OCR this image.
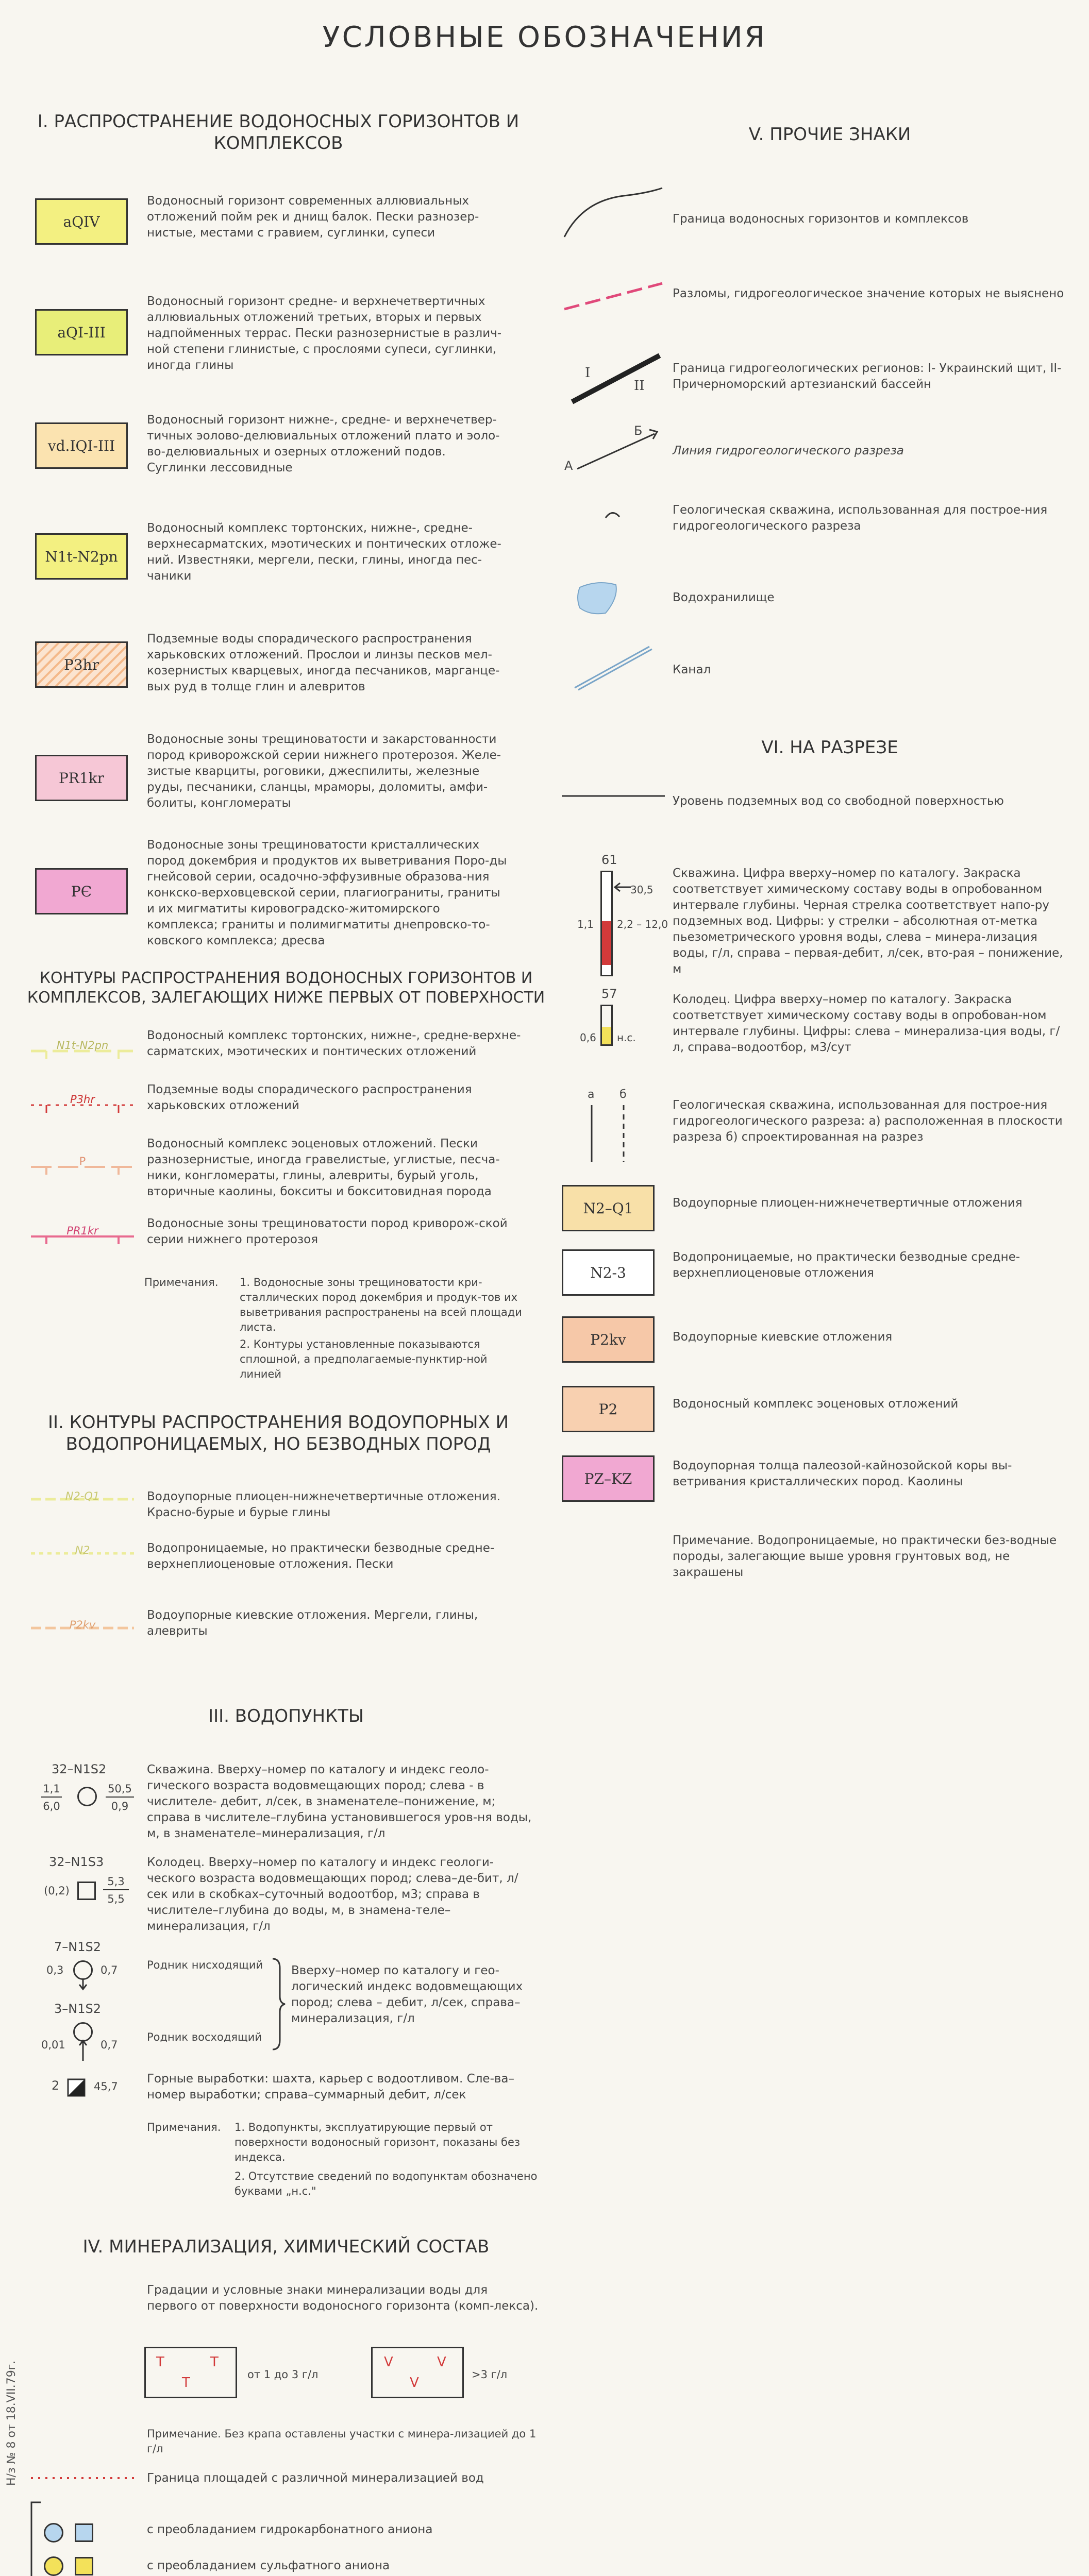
УСЛОВНЫЕ ОБОЗНАЧЕНИЯ
I. РАСПРОСТРАНЕНИЕ ВОДОНОСНЫХ ГОРИЗОНТОВ И КОМПЛЕКСОВ
aQIV
Водоносный горизонт современных аллювиальных отложений пойм рек и днищ балок. Пески разнозер-нистые, местами с гравием, суглинки, супеси
aQI-III
Водоносный горизонт средне- и верхнечетвертичных аллювиальных отложений третьих, вторых и первых надпойменных террас. Пески разнозернистые в различ-ной степени глинистые, с прослоями супеси, суглинки, иногда глины
vd.IQI-III
Водоносный горизонт нижне-, средне- и верхнечетвер-тичных эолово-делювиальных отложений плато и эоло-во-делювиальных и озерных отложений подов. Суглинки лессовидные
N1t-N2pn
Водоносный комплекс тортонских, нижне-, средне-верхнесарматских, мэотических и понтических отложе-ний. Известняки, мергели, пески, глины, иногда пес-чаники
P3hr
Подземные воды спорадического распространения харьковских отложений. Прослои и линзы песков мел-козернистых кварцевых, иногда песчаников, марганце-вых руд в толще глин и алевритов
PR1kr
Водоносные зоны трещиноватости и закарстованности пород криворожской серии нижнего протерозоя. Желе-зистые кварциты, роговики, джеспилиты, железные руды, песчаники, сланцы, мраморы, доломиты, амфи-болиты, конгломераты
PЄ
Водоносные зоны трещиноватости кристаллических пород докембрия и продуктов их выветривания Поро-ды гнейсовой серии, осадочно-эффузивные образова-ния конкско-верховцевской серии, плагиограниты, граниты и их мигматиты кировоградско-житомирского комплекса; граниты и полимигматиты днепровско-то-ковского комплекса; дресва
КОНТУРЫ РАСПРОСТРАНЕНИЯ ВОДОНОСНЫХ ГОРИЗОНТОВ И КОМПЛЕКСОВ, ЗАЛЕГАЮЩИХ НИЖЕ ПЕРВЫХ ОТ ПОВЕРХНОСТИ
N1t-N2pn
P3hr
P
PR1kr
Водоносный комплекс тортонских, нижне-, средне-верхне-сарматских, мэотических и понтических отложений
Подземные воды спорадического распространения харьковских отложений
Водоносный комплекс эоценовых отложений. Пески разнозернистые, иногда гравелистые, углистые, песча-ники, конгломераты, глины, алевриты, бурый уголь, вторичные каолины, бокситы и бокситовидная порода
Водоносные зоны трещиноватости пород криворож-ской серии нижнего протерозоя
Примечания.	1. Водоносные зоны трещиноватости кри-сталлических пород докембрия и продук-тов их выветривания распространены на всей площади листа.
2. Контуры установленные показываются сплошной, а предполагаемые-пунктир-ной линией
II. КОНТУРЫ РАСПРОСТРАНЕНИЯ ВОДОУПОРНЫХ И ВОДОПРОНИЦАЕМЫХ, НО БЕЗВОДНЫХ ПОРОД
N2-Q1
N2
P2kv
Водоупорные плиоцен-нижнечетвертичные отложения. Красно-бурые и бурые глины
Водопроницаемые, но практически безводные средне-верхнеплиоценовые отложения. Пески
Водоупорные киевские отложения. Мергели, глины, алевриты
III. ВОДОПУНКТЫ
32–N1S2
1,1
6,0
50,5
0,9
Скважина. Вверху–номер по каталогу и индекс геоло-гического возраста водовмещающих пород; слева - в числителе- дебит, л/сек, в знаменателе–понижение, м; справа в числителе–глубина установившегося уров-ня воды, м, в знаменателе–минерализация, г/л
32–N1S3
(0,2)
5,3
5,5
Колодец. Вверху–номер по каталогу и индекс геологи-ческого возраста водовмещающих пород; слева–де-бит, л/сек или в скобках–суточный водоотбор, м3; справа в числителе–глубина до воды, м, в знамена-теле–минерализация, г/л
7–N1S2
0,3	0,7	Родник нисходящий
3–N1S2
0,01	0,7
Родник восходящий
Вверху–номер по каталогу и гео-логический индекс водовмещающих пород; слева – дебит, л/сек, справа–минерализация, г/л
2	45,7
Горные выработки: шахта, карьер с водоотливом. Сле-ва–номер выработки; справа–суммарный дебит, л/сек
Примечания.	1. Водопункты, эксплуатирующие первый от поверхности водоносный горизонт, показаны без индекса.
2. Отсутствие сведений по водопунктам обозначено буквами „н.с."
IV. МИНЕРАЛИЗАЦИЯ, ХИМИЧЕСКИЙ СОСТАВ
Градации и условные знаки минерализации воды для первого от поверхности водоносного горизонта (комп-лекса).
T	T
T
от 1 до 3 г/л
V	V
V
>3 г/л
Примечание. Без крапа оставлены участки с минера-лизацией до 1 г/л
Граница площадей с различной минерализацией вод
Н/з № 8 от 18.VII.79г.
с преобладанием гидрокарбонатного аниона
с преобладанием сульфатного аниона
V. ПРОЧИЕ ЗНАКИ
Граница водоносных горизонтов и комплексов
Разломы, гидрогеологическое значение которых не выяснено
I
II
Граница гидрогеологических регионов: I- Украинский щит, II- Причерноморский артезианский бассейн
А
Б
Линия гидрогеологического разреза
Геологическая скважина, использованная для построе-ния гидрогеологического разреза
Водохранилище
Канал
VI. НА РАЗРЕЗЕ
Уровень подземных вод со свободной поверхностью
61
30,5
1,1 2,2 – 12,0
Скважина. Цифра вверху–номер по каталогу. Закраска соответствует химическому составу воды в опробованном интервале глубины. Черная стрелка соответствует напо-ру подземных вод. Цифры: у стрелки – абсолютная от-метка пьезометрического уровня воды, слева – минера-лизация воды, г/л, справа – первая-дебит, л/сек, вто-рая – понижение, м
57
0,6 н.с.
Колодец. Цифра вверху–номер по каталогу. Закраска соответствует химическому составу воды в опробован-ном интервале глубины. Цифры: слева – минерализа-ция воды, г/л, справа–водоотбор, м3/сут
а б
Геологическая скважина, использованная для построе-ния гидрогеологического разреза: а) расположенная в плоскости разреза б) спроектированная на разрез
N2–Q1	Водоупорные плиоцен-нижнечетвертичные отложения
N2-3
Водопроницаемые, но практически безводные средне-верхнеплиоценовые отложения
P2kv	Водоупорные киевские отложения
P2	Водоносный комплекс эоценовых отложений
PZ–KZ
Водоупорная толща палеозой-кайнозойской коры вы-ветривания кристаллических пород. Каолины
Примечание. Водопроницаемые, но практически без-водные породы, залегающие выше уровня грунтовых вод, не закрашены
